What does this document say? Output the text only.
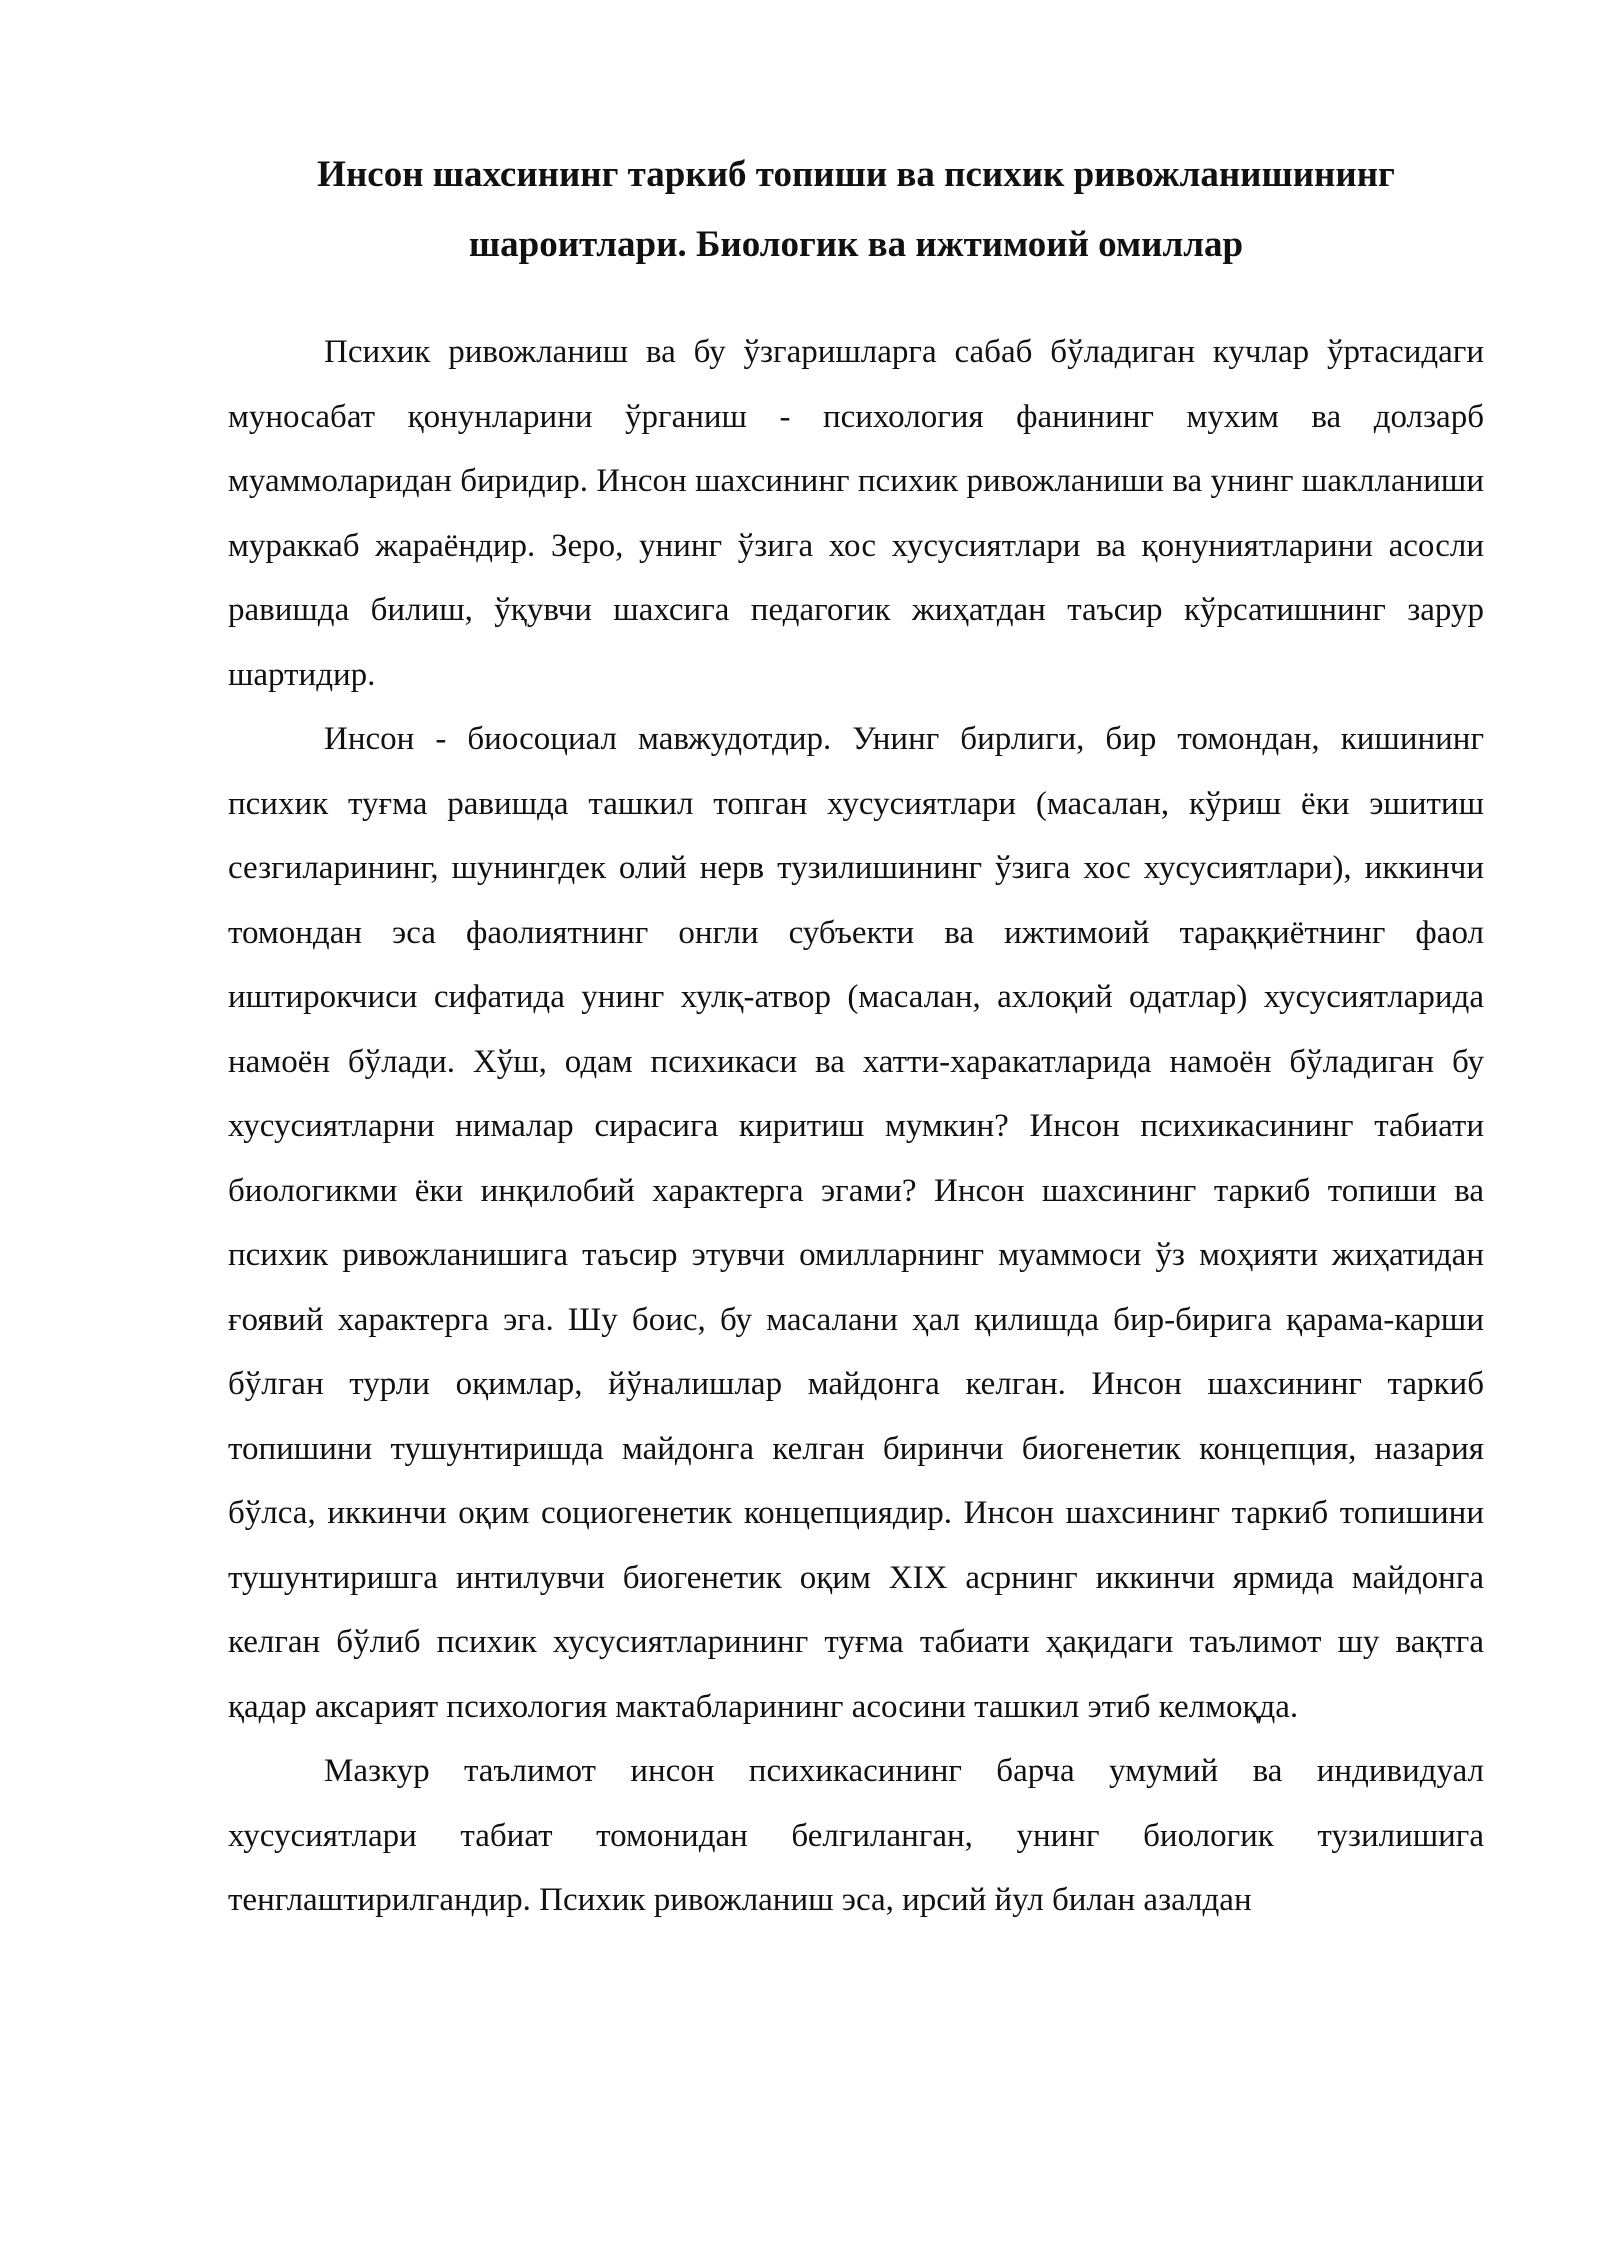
Инсон шахсининг таркиб топиши ва психик ривожланишининг
шароитлари. Биологик ва ижтимоий омиллар

Психик ривожланиш ва бу ўзгаришларга сабаб бўладиган кучлар ўртасидаги муносабат қонунларини ўрганиш - психология фанининг мухим ва долзарб муаммоларидан биридир. Инсон шахсининг психик ривожланиши ва унинг шаклланиши мураккаб жараёндир. Зеро, унинг ўзига хос хусусиятлари ва қонуниятларини асосли равишда билиш, ўқувчи шахсига педагогик жиҳатдан таъсир кўрсатишнинг зарур шартидир.

Инсон - биосоциал мавжудотдир. Унинг бирлиги, бир томондан, кишининг психик туғма равишда ташкил топган хусусиятлари (масалан, кўриш ёки эшитиш сезгиларининг, шунингдек олий нерв тузилишининг ўзига хос хусусиятлари), иккинчи томондан эса фаолиятнинг онгли субъекти ва ижтимоий тараққиётнинг фаол иштирокчиси сифатида унинг хулқ-атвор (масалан, ахлоқий одатлар) хусусиятларида намоён бўлади. Хўш, одам психикаси ва хатти-харакатларида намоён бўладиган бу хусусиятларни нималар сирасига киритиш мумкин? Инсон психикасининг табиати биологикми ёки инқилобий характерга эгами? Инсон шахсининг таркиб топиши ва психик ривожланишига таъсир этувчи омилларнинг муаммоси ўз моҳияти жиҳатидан ғоявий характерга эга. Шу боис, бу масалани ҳал қилишда бир-бирига қарама-карши бўлган турли оқимлар, йўналишлар майдонга келган. Инсон шахсининг таркиб топишини тушунтиришда майдонга келган биринчи биогенетик концепция, назария бўлса, иккинчи оқим социогенетик концепциядир. Инсон шахсининг таркиб топишини тушунтиришга интилувчи биогенетик оқим XIX асрнинг иккинчи ярмида майдонга келган бўлиб психик хусусиятларининг туғма табиати ҳақидаги таълимот шу вақтга қадар аксарият психология мактабларининг асосини ташкил этиб келмоқда.

Мазкур таълимот инсон психикасининг барча умумий ва индивидуал хусусиятлари табиат томонидан белгиланган, унинг биологик тузилишига тенглаштирилгандир. Психик ривожланиш эса, ирсий йул билан азалдан
